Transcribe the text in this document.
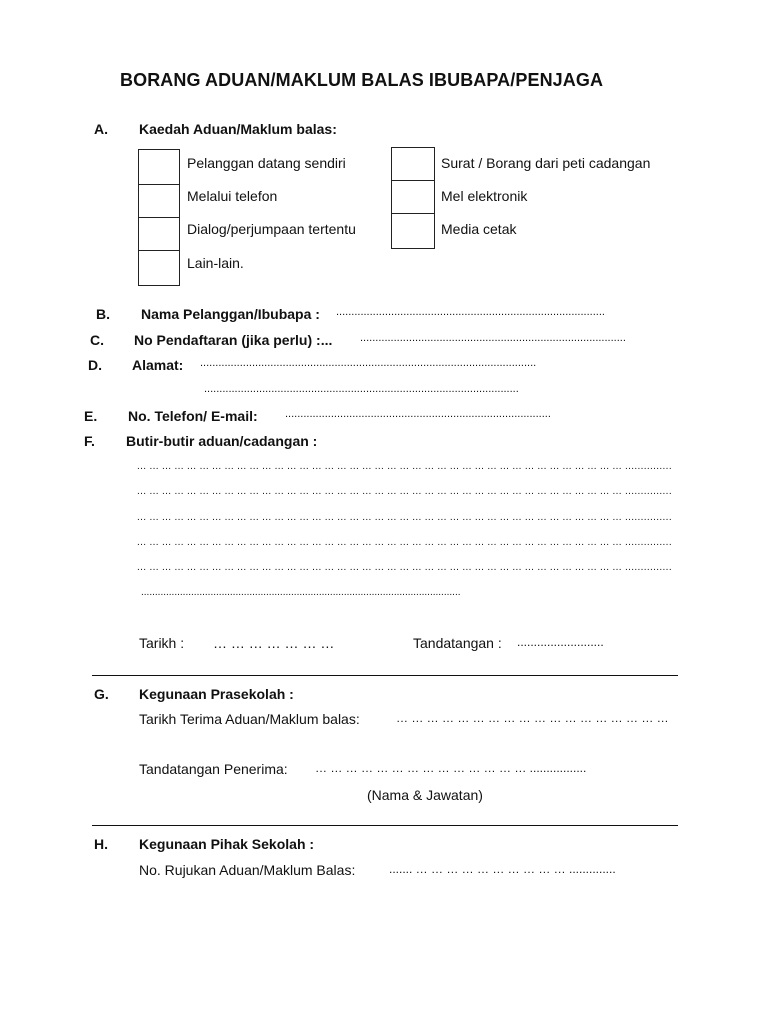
BORANG ADUAN/MAKLUM BALAS IBUBAPA/PENJAGA
A. Kaedah Aduan/Maklum balas:
Pelanggan datang sendiri
Melalui telefon
Dialog/perjumpaan tertentu
Lain-lain.
Surat / Borang dari peti cadangan
Mel elektronik
Media cetak
B. Nama Pelanggan/Ibubapa : ........................................................................................
C. No Pendaftaran (jika perlu) :...	.......................................................................................
D. Alamat: ..............................................................................................................
.......................................................................................................
E. No. Telefon/ E-mail: .......................................................................................
F. Butir-butir aduan/cadangan :
... ... ... ... ... ... ... ... ... ... ... ... ... ... ... ... ... ... ... ... ... ... ... ... ... ... ... ... ... ... ... ... ... ... ... ... ... ... ... ...............
... ... ... ... ... ... ... ... ... ... ... ... ... ... ... ... ... ... ... ... ... ... ... ... ... ... ... ... ... ... ... ... ... ... ... ... ... ... ... ...............
... ... ... ... ... ... ... ... ... ... ... ... ... ... ... ... ... ... ... ... ... ... ... ... ... ... ... ... ... ... ... ... ... ... ... ... ... ... ... ...............
... ... ... ... ... ... ... ... ... ... ... ... ... ... ... ... ... ... ... ... ... ... ... ... ... ... ... ... ... ... ... ... ... ... ... ... ... ... ... ...............
... ... ... ... ... ... ... ... ... ... ... ... ... ... ... ... ... ... ... ... ... ... ... ... ... ... ... ... ... ... ... ... ... ... ... ... ... ... ... ...............
...................................................................................................................
Tarikh : … … … … … … …	Tandatangan : ..........................
G. Kegunaan Prasekolah :
Tarikh Terima Aduan/Maklum balas:	… … … … … … … … … … … … … … … … … …
Tandatangan Penerima: … … … … … … … … … … … … … … .................
(Nama & Jawatan)
H. Kegunaan Pihak Sekolah :
No. Rujukan Aduan/Maklum Balas:	....... … … … … … … … … … … ..............
